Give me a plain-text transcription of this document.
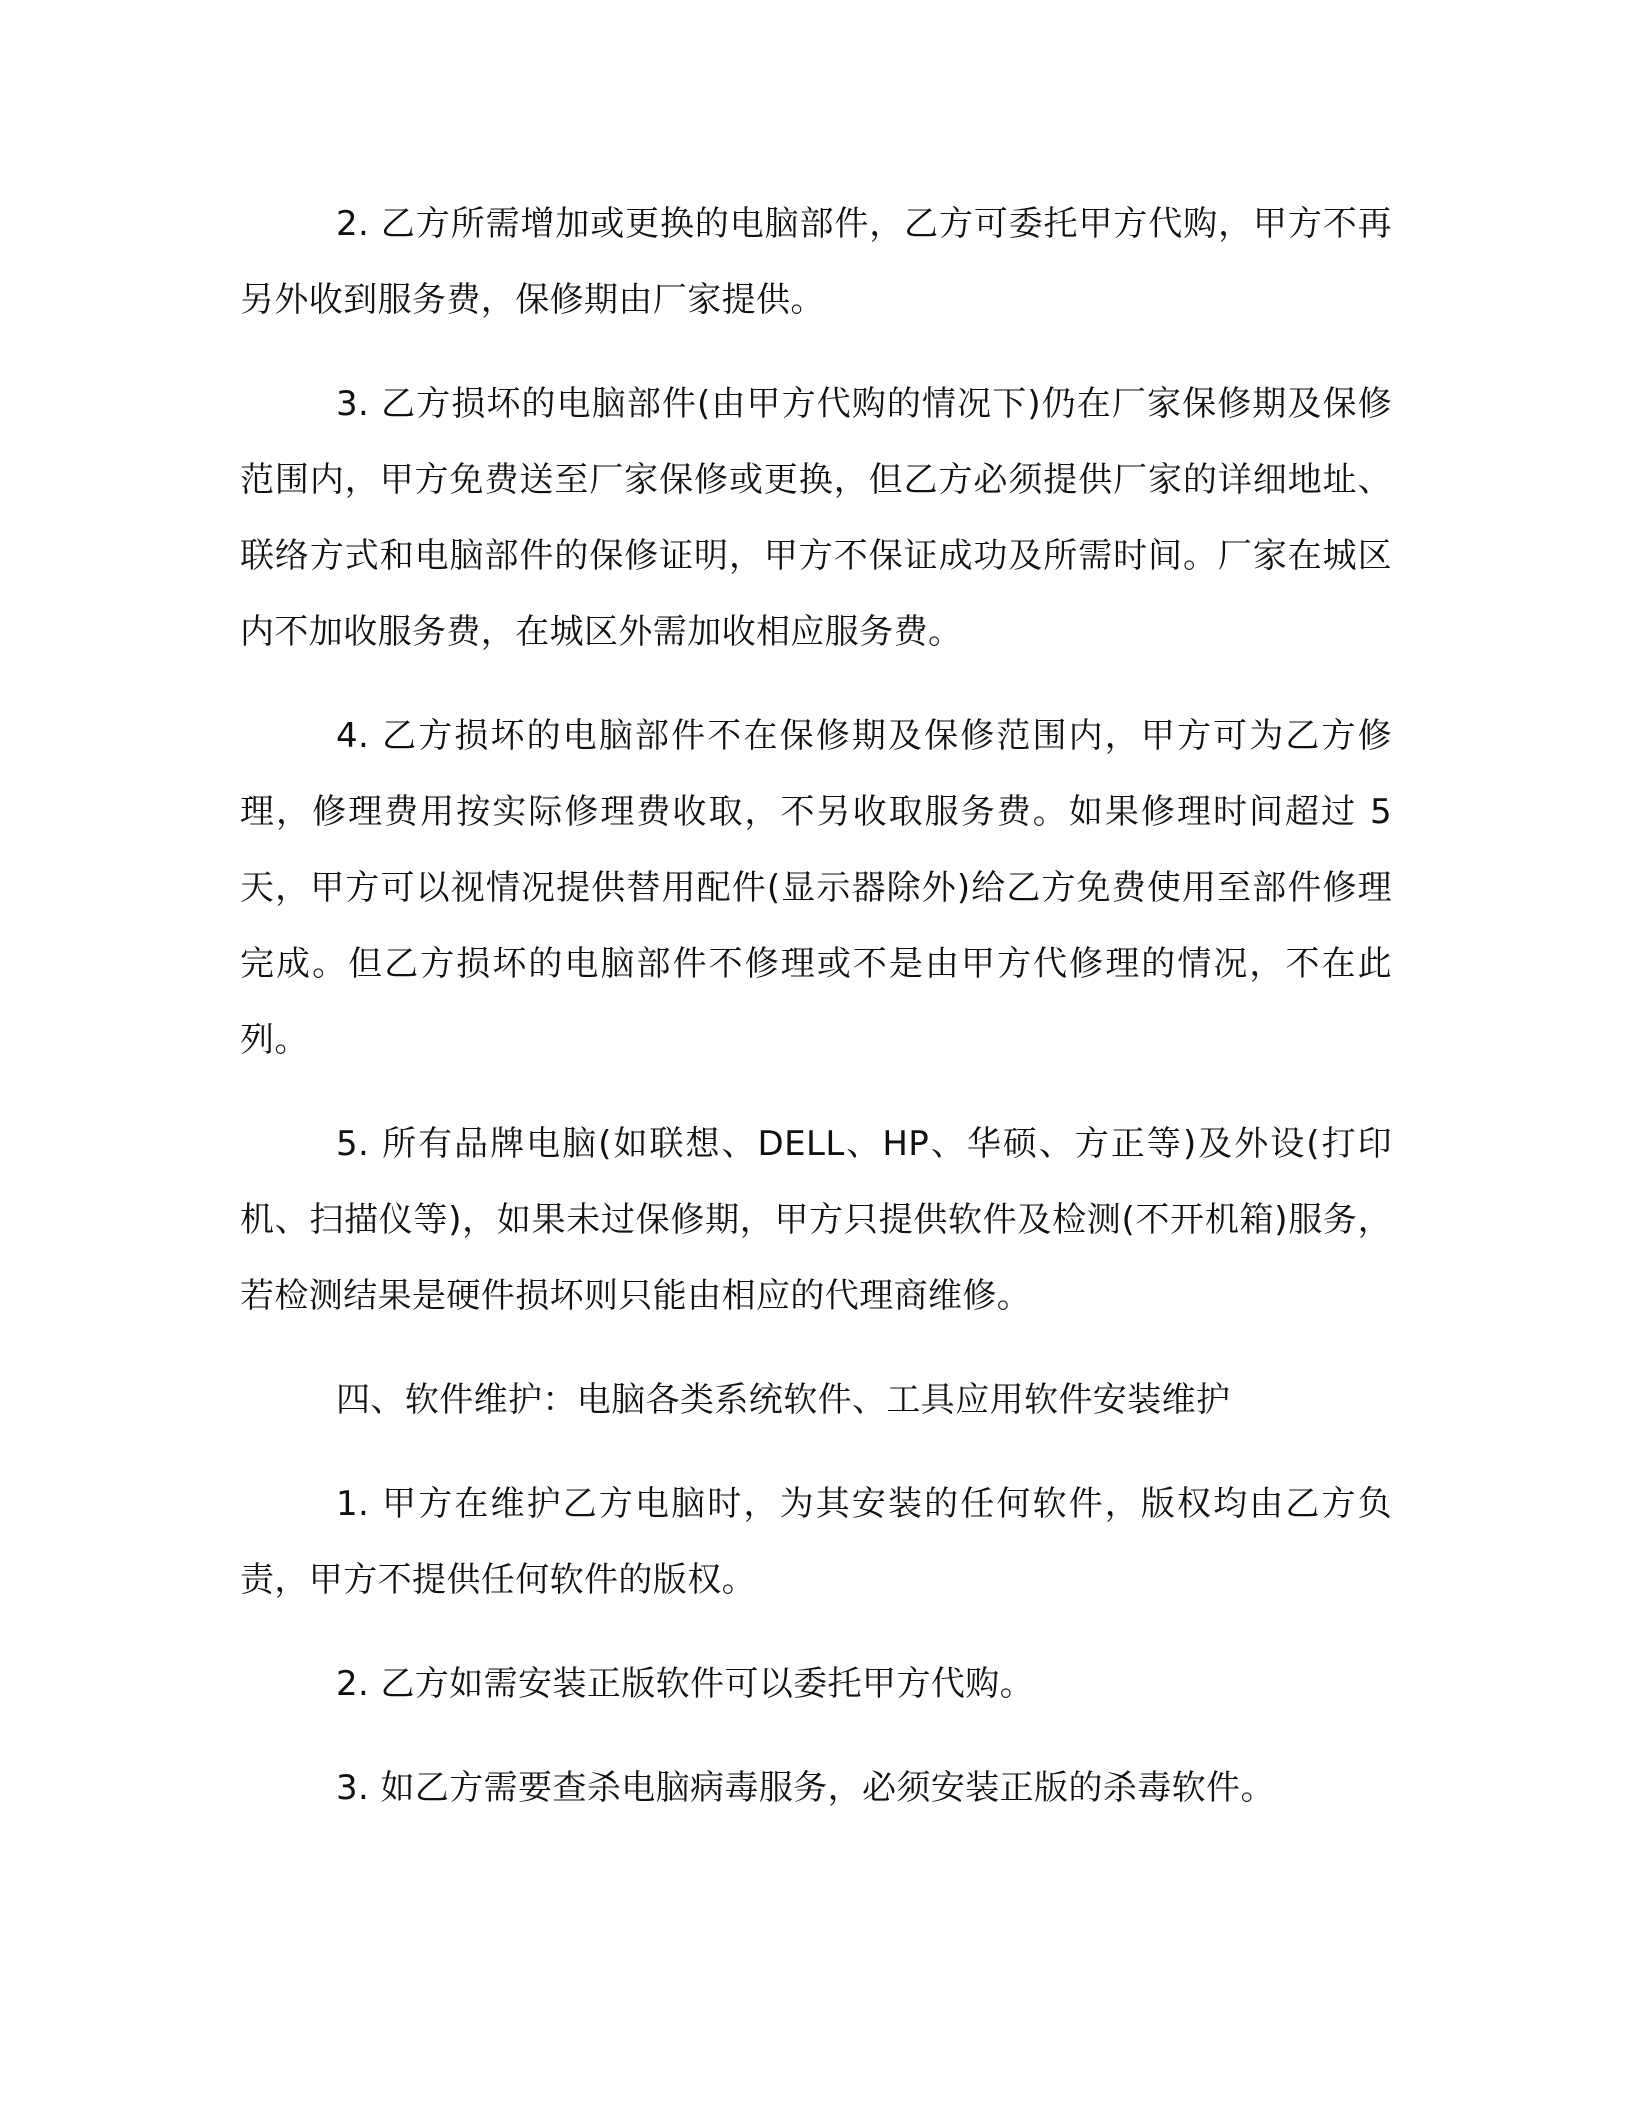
2. 乙方所需增加或更换的电脑部件，乙方可委托甲方代购，甲方不再另外收到服务费，保修期由厂家提供。

3. 乙方损坏的电脑部件(由甲方代购的情况下)仍在厂家保修期及保修范围内，甲方免费送至厂家保修或更换，但乙方必须提供厂家的详细地址、联络方式和电脑部件的保修证明，甲方不保证成功及所需时间。厂家在城区内不加收服务费，在城区外需加收相应服务费。

4. 乙方损坏的电脑部件不在保修期及保修范围内，甲方可为乙方修理，修理费用按实际修理费收取，不另收取服务费。如果修理时间超过 5 天，甲方可以视情况提供替用配件(显示器除外)给乙方免费使用至部件修理完成。但乙方损坏的电脑部件不修理或不是由甲方代修理的情况，不在此列。

5. 所有品牌电脑(如联想、DELL、HP、华硕、方正等)及外设(打印机、扫描仪等)，如果未过保修期，甲方只提供软件及检测(不开机箱)服务，若检测结果是硬件损坏则只能由相应的代理商维修。

四、软件维护：电脑各类系统软件、工具应用软件安装维护

1. 甲方在维护乙方电脑时，为其安装的任何软件，版权均由乙方负责，甲方不提供任何软件的版权。

2. 乙方如需安装正版软件可以委托甲方代购。

3. 如乙方需要查杀电脑病毒服务，必须安装正版的杀毒软件。
